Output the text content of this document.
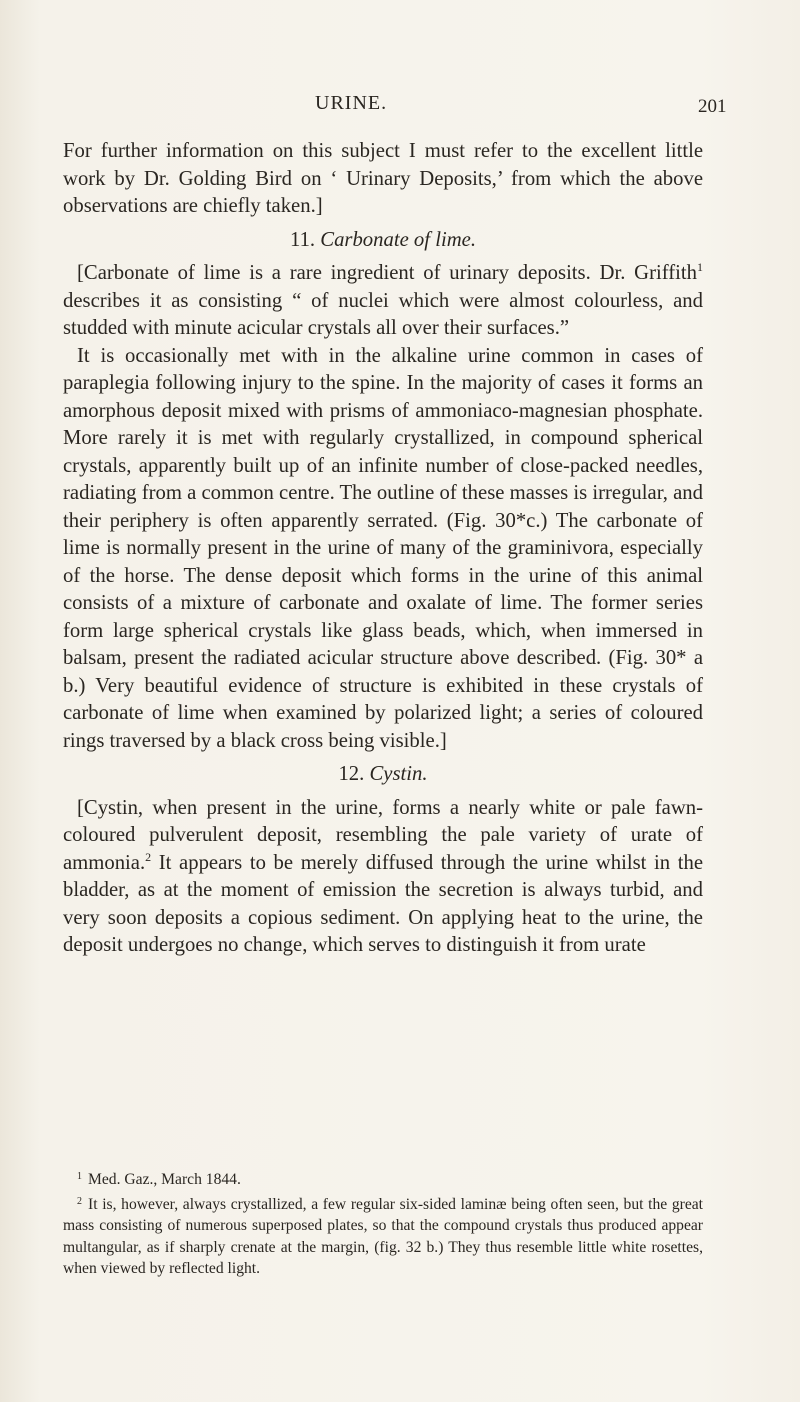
URINE.	201

For further information on this subject I must refer to the excellent little work by Dr. Golding Bird on ‘ Urinary Deposits,’ from which the above observations are chiefly taken.]

11. Carbonate of lime.

[Carbonate of lime is a rare ingredient of urinary deposits. Dr. Griffith$^1$ describes it as consisting “ of nuclei which were almost colourless, and studded with minute acicular crystals all over their surfaces.”

It is occasionally met with in the alkaline urine common in cases of paraplegia following injury to the spine. In the majority of cases it forms an amorphous deposit mixed with prisms of ammoniaco-magnesian phosphate. More rarely it is met with regularly crystallized, in compound spherical crystals, apparently built up of an infinite number of close-packed needles, radiating from a common centre. The outline of these masses is irregular, and their periphery is often apparently serrated. (Fig. 30*c.) The carbonate of lime is normally present in the urine of many of the graminivora, especially of the horse. The dense deposit which forms in the urine of this animal consists of a mixture of carbonate and oxalate of lime. The former series form large spherical crystals like glass beads, which, when immersed in balsam, present the radiated acicular structure above described. (Fig. 30* a b.) Very beautiful evidence of structure is exhibited in these crystals of carbonate of lime when examined by polarized light; a series of coloured rings traversed by a black cross being visible.]

12. Cystin.

[Cystin, when present in the urine, forms a nearly white or pale fawn-coloured pulverulent deposit, resembling the pale variety of urate of ammonia.$^2$ It appears to be merely diffused through the urine whilst in the bladder, as at the moment of emission the secretion is always turbid, and very soon deposits a copious sediment. On applying heat to the urine, the deposit undergoes no change, which serves to distinguish it from urate

$^1$ Med. Gaz., March 1844.

$^2$ It is, however, always crystallized, a few regular six-sided laminæ being often seen, but the great mass consisting of numerous superposed plates, so that the compound crystals thus produced appear multangular, as if sharply crenate at the margin, (fig. 32 b.) They thus resemble little white rosettes, when viewed by reflected light.
